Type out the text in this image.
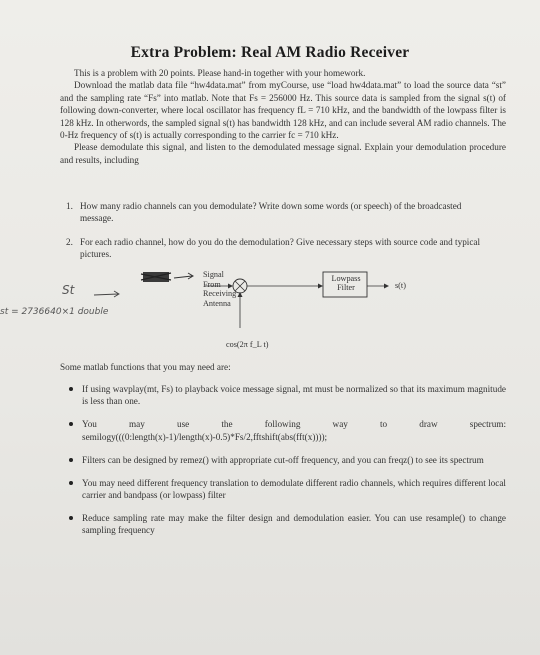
Extra Problem: Real AM Radio Receiver

This is a problem with 20 points. Please hand-in together with your homework.

Download the matlab data file “hw4data.mat” from myCourse, use “load hw4data.mat” to load the source data “st” and the sampling rate “Fs” into matlab. Note that Fs = 256000 Hz. This source data is sampled from the signal s(t) of following down-converter, where local oscillator has frequency fL = 710 kHz, and the bandwidth of the lowpass filter is 128 kHz. In otherwords, the sampled signal s(t) has bandwidth 128 kHz, and can include several AM radio channels. The 0-Hz frequency of s(t) is actually corresponding to the carrier fc = 710 kHz.

Please demodulate this signal, and listen to the demodulated message signal. Explain your demodulation procedure and results, including

1. How many radio channels can you demodulate? Write down some words (or speech) of the broadcasted message.
2. For each radio channel, how do you do the demodulation? Give necessary steps with source code and typical pictures.
Signal
From
Receiving
Antenna
Lowpass
Filter	s(t)
cos(2π f_L t)
St
st = 2736640×1 double
Some matlab functions that you may need are:
If using wavplay(mt, Fs) to playback voice message signal, mt must be normalized so that its maximum magnitude is less than one.
You may use the following way to draw spectrum: semilogy(((0:length(x)-1)/length(x)-0.5)*Fs/2,fftshift(abs(fft(x))));
Filters can be designed by remez() with appropriate cut-off frequency, and you can freqz() to see its spectrum
You may need different frequency translation to demodulate different radio channels, which requires different local carrier and bandpass (or lowpass) filter
Reduce sampling rate may make the filter design and demodulation easier. You can use resample() to change sampling frequency
